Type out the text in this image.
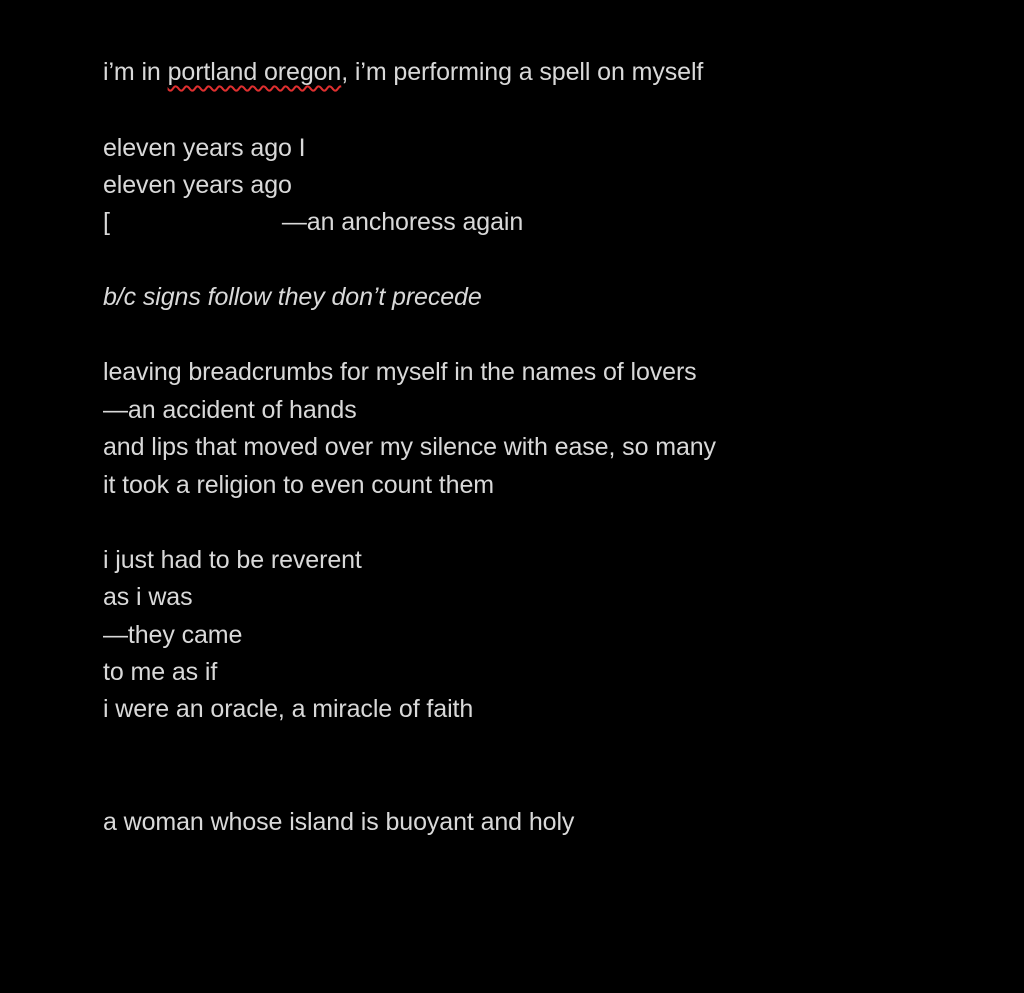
i’m in portland oregon, i’m performing a spell on myself
eleven years ago I
eleven years ago
[	—an anchoress again
b/c signs follow they don’t precede
leaving breadcrumbs for myself in the names of lovers
—an accident of hands
and lips that moved over my silence with ease, so many
it took a religion to even count them
i just had to be reverent
as i was
—they came
to me as if
i were an oracle, a miracle of faith
a woman whose island is buoyant and holy
